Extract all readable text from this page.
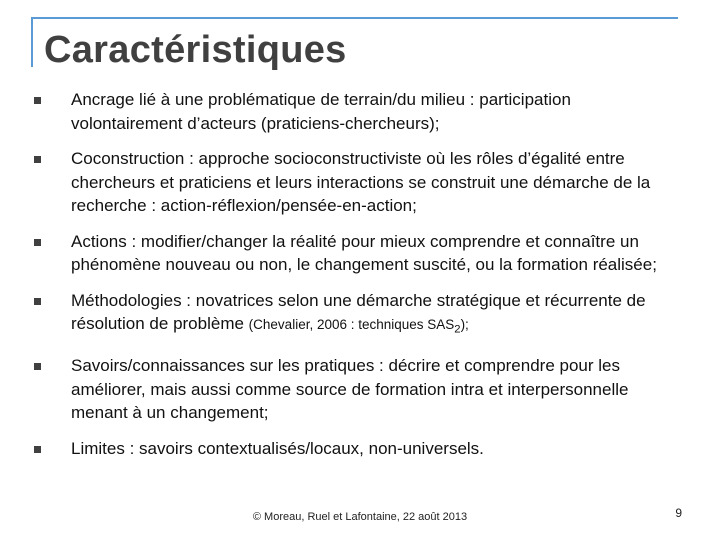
Caractéristiques
Ancrage lié à une problématique de terrain/du milieu : participation volontairement d’acteurs (praticiens-chercheurs);
Coconstruction : approche socioconstructiviste où les rôles d’égalité entre chercheurs et praticiens et leurs interactions se construit une démarche de la recherche : action-réflexion/pensée-en-action;
Actions : modifier/changer la réalité pour mieux comprendre et connaître un phénomène nouveau ou non, le changement suscité, ou la formation réalisée;
Méthodologies : novatrices selon une démarche stratégique et récurrente de résolution de problème (Chevalier, 2006 : techniques $SAS_2$);
Savoirs/connaissances sur les pratiques : décrire et comprendre pour les améliorer, mais aussi comme source de formation intra et interpersonnelle menant à un changement;
Limites : savoirs contextualisés/locaux, non-universels.
© Moreau, Ruel et Lafontaine, 22 août 2013	9
